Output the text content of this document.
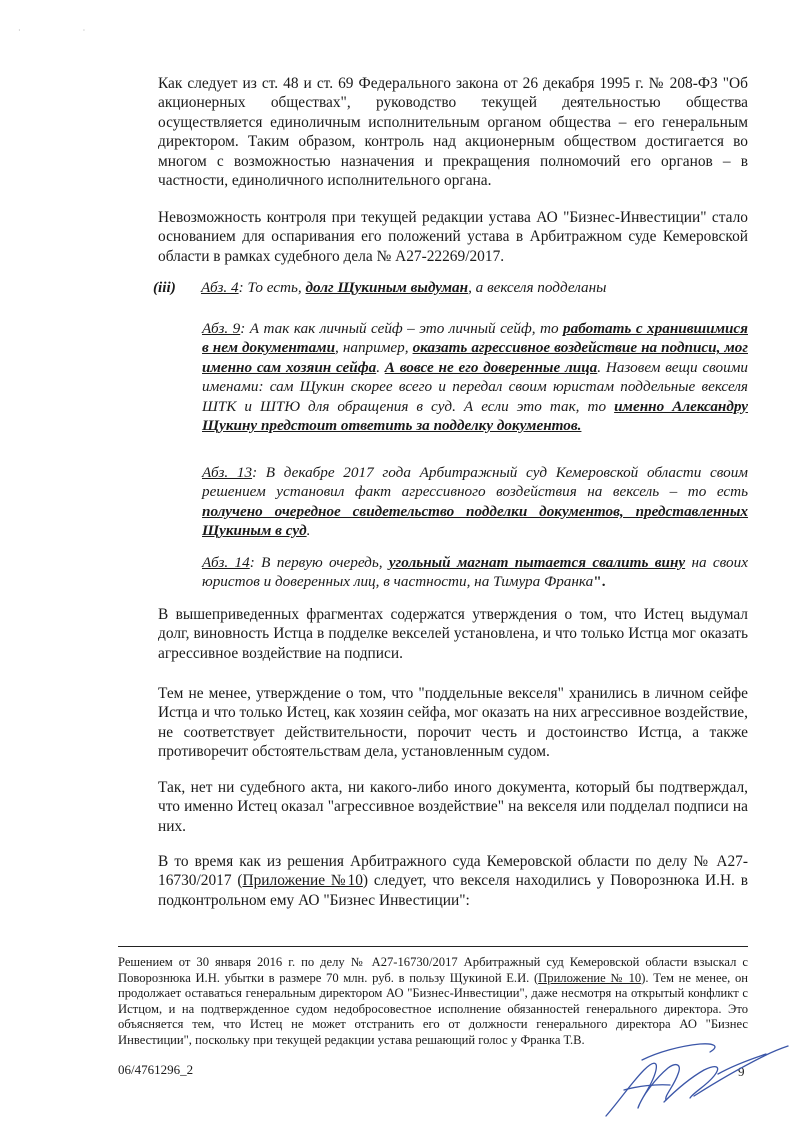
· ·

Как следует из ст. 48 и ст. 69 Федерального закона от 26 декабря 1995 г. № 208-ФЗ "Об акционерных обществах", руководство текущей деятельностью общества осуществляется единоличным исполнительным органом общества – его генеральным директором. Таким образом, контроль над акционерным обществом достигается во многом с возможностью назначения и прекращения полномочий его органов – в частности, единоличного исполнительного органа.

Невозможность контроля при текущей редакции устава АО "Бизнес-Инвестиции" стало основанием для оспаривания его положений устава в Арбитражном суде Кемеровской области в рамках судебного дела № А27-22269/2017.

(iii) Абз. 4: То есть, долг Щукиным выдуман, а векселя подделаны

Абз. 9: А так как личный сейф – это личный сейф, то работать с хранившимися в нем документами, например, оказать агрессивное воздействие на подписи, мог именно сам хозяин сейфа. А вовсе не его доверенные лица. Назовем вещи своими именами: сам Щукин скорее всего и передал своим юристам поддельные векселя ШТК и ШТЮ для обращения в суд. А если это так, то именно Александру Щукину предстоит ответить за подделку документов.

Абз. 13: В декабре 2017 года Арбитражный суд Кемеровской области своим решением установил факт агрессивного воздействия на вексель – то есть получено очередное свидетельство подделки документов, представленных Щукиным в суд.

Абз. 14: В первую очередь, угольный магнат пытается свалить вину на своих юристов и доверенных лиц, в частности, на Тимура Франка".

В вышеприведенных фрагментах содержатся утверждения о том, что Истец выдумал долг, виновность Истца в подделке векселей установлена, и что только Истца мог оказать агрессивное воздействие на подписи.

Тем не менее, утверждение о том, что "поддельные векселя" хранились в личном сейфе Истца и что только Истец, как хозяин сейфа, мог оказать на них агрессивное воздействие, не соответствует действительности, порочит честь и достоинство Истца, а также противоречит обстоятельствам дела, установленным судом.

Так, нет ни судебного акта, ни какого-либо иного документа, который бы подтверждал, что именно Истец оказал "агрессивное воздействие" на векселя или подделал подписи на них.

В то время как из решения Арбитражного суда Кемеровской области по делу № А27-16730/2017 (Приложение №10) следует, что векселя находились у Поворознюка И.Н. в подконтрольном ему АО "Бизнес Инвестиции":

Решением от 30 января 2016 г. по делу № А27-16730/2017 Арбитражный суд Кемеровской области взыскал с Поворознюка И.Н. убытки в размере 70 млн. руб. в пользу Щукиной Е.И. (Приложение № 10). Тем не менее, он продолжает оставаться генеральным директором АО "Бизнес-Инвестиции", даже несмотря на открытый конфликт с Истцом, и на подтвержденное судом недобросовестное исполнение обязанностей генерального директора. Это объясняется тем, что Истец не может отстранить его от должности генерального директора АО "Бизнес Инвестиции", поскольку при текущей редакции устава решающий голос у Франка Т.В.

06/4761296_2	9
